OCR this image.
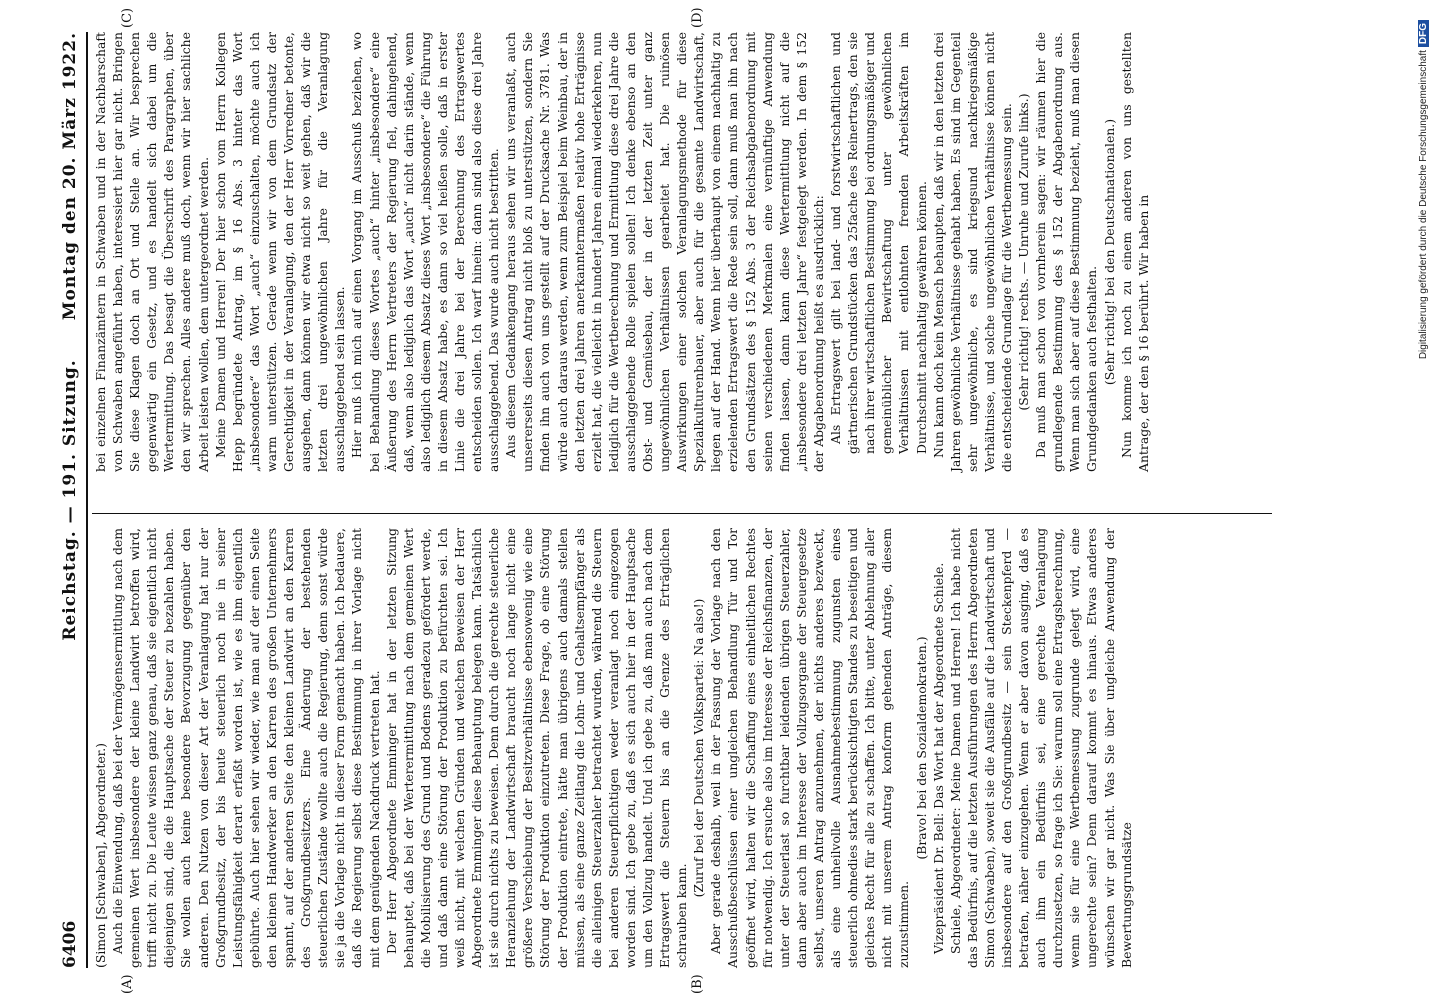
6406
Reichstag. — 191. Sitzung.
Montag den 20. März 1922.

(Simon [Schwaben], Abgeordneter.) Auch die Einwendung, daß bei der Vermögensermittlung nach dem gemeinen Wert insbesondere der kleine Landwirt betroffen wird, trifft nicht zu. Die Leute wissen ganz genau, daß sie eigentlich nicht diejenigen sind, die die Hauptsache der Steuer zu bezahlen haben. Sie wollen auch keine besondere Bevorzugung gegenüber den anderen. Den Nutzen von dieser Art der Veranlagung hat nur der Großgrundbesitz, der bis heute steuerlich noch nie in seiner Leistungsfähigkeit derart erfaßt worden ist, wie es ihm eigentlich gebührte. Auch hier sehen wir wieder, wie man auf der einen Seite den kleinen Handwerker an den Karren des großen Unternehmers spannt, auf der anderen Seite den kleinen Landwirt an den Karren des Großgrundbesitzers. Eine Änderung der bestehenden steuerlichen Zustände wollte auch die Regierung, denn sonst würde sie ja die Vorlage nicht in dieser Form gemacht haben. Ich bedauere, daß die Regierung selbst diese Bestimmung in ihrer Vorlage nicht mit dem genügenden Nachdruck vertreten hat. Der Herr Abgeordnete Emminger hat in der letzten Sitzung behauptet, daß bei der Werterermittlung nach dem gemeinen Wert die Mobilisierung des Grund und Bodens geradezu gefördert werde, und daß dann eine Störung der Produktion zu befürchten sei. Ich weiß nicht, mit welchen Gründen und welchen Beweisen der Herr Abgeordnete Emminger diese Behauptung belegen kann. Tatsächlich ist sie durch nichts zu beweisen. Denn durch die gerechte steuerliche Heranziehung der Landwirtschaft braucht noch lange nicht eine größere Verschiebung der Besitzverhältnisse ebensowenig wie eine Störung der Produktion einzutreten. Diese Frage, ob eine Störung der Produktion eintrete, hätte man übrigens auch damals stellen müssen, als eine ganze Zeitlang die Lohn- und Gehaltsempfänger als die alleinigen Steuerzahler betrachtet wurden, während die Steuern bei anderen Steuerpflichtigen weder veranlagt noch eingezogen worden sind. Ich gebe zu, daß es sich auch hier in der Hauptsache um den Vollzug handelt. Und ich gebe zu, daß man auch nach dem Ertragswert die Steuern bis an die Grenze des Erträglichen schrauben kann.

(Zuruf bei der Deutschen Volkspartei: Na also!) Aber gerade deshalb, weil in der Fassung der Vorlage nach den Ausschußbeschlüssen einer ungleichen Behandlung Tür und Tor geöffnet wird, halten wir die Schaffung eines einheitlichen Rechtes für notwendig. Ich ersuche also im Interesse der Reichsfinanzen, der unter der Steuerlast so furchtbar leidenden übrigen Steuerzahler, dann aber auch im Interesse der Vollzugsorgane der Steuergesetze selbst, unseren Antrag anzunehmen, der nichts anderes bezweckt, als eine unheilvolle Ausnahmebestimmung zugunsten eines steuerlich ohnedies stark berücksichtigten Standes zu beseitigen und gleiches Recht für alle zu schaffen. Ich bitte, unter Ablehnung aller nicht mit unserem Antrag konform gehenden Anträge, diesem zuzustimmen.

(Bravo! bei den Sozialdemokraten.) Vizepräsident Dr. Bell: Das Wort hat der Abgeordnete Schiele. Schiele, Abgeordneter: Meine Damen und Herren! Ich habe nicht das Bedürfnis, auf die letzten Ausführungen des Herrn Abgeordneten Simon (Schwaben), soweit sie die Ausfälle auf die Landwirtschaft und insbesondere auf den Großgrundbesitz — sein Steckenpferd — betrafen, näher einzugehen. Wenn er aber davon ausging, daß es auch ihm ein Bedürfnis sei, eine gerechte Veranlagung durchzusetzen, so frage ich Sie: warum soll eine Ertragsberechnung, wenn sie für eine Wertbemessung zugrunde gelegt wird, eine ungerechte sein? Denn darauf kommt es hinaus. Etwas anderes wünschen wir gar nicht. Was Sie über ungleiche Anwendung der Bewertungsgrundsätze

bei einzelnen Finanzämtern in Schwaben und in der Nachbarschaft von Schwaben angeführt haben, interessiert hier gar nicht. Bringen Sie diese Klagen doch an Ort und Stelle an. Wir besprechen gegenwärtig ein Gesetz, und es handelt sich dabei um die Wertermittlung. Das besagt die Überschrift des Paragraphen, über den wir sprechen. Alles andere muß doch, wenn wir hier sachliche Arbeit leisten wollen, dem untergeordnet werden. Meine Damen und Herren! Der hier schon vom Herrn Kollegen Hepp begründete Antrag, im § 16 Abs. 3 hinter das Wort „insbesondere“ das Wort „auch“ einzuschalten, möchte auch ich warm unterstützen. Gerade wenn wir von dem Grundsatz der Gerechtigkeit in der Veranlagung, den der Herr Vorredner betonte, ausgehen, dann können wir etwa nicht so weit gehen, daß wir die letzten drei ungewöhnlichen Jahre für die Veranlagung ausschlaggebend sein lassen. Hier muß ich mich auf einen Vorgang im Ausschuß beziehen, wo bei Behandlung dieses Wortes „auch“ hinter „insbesondere“ eine Äußerung des Herrn Vertreters der Regierung fiel, dahingehend, daß, wenn also lediglich das Wort „auch“ nicht darin stände, wenn also lediglich diesem Absatz dieses Wort „insbesondere“ die Führung in diesem Absatz habe, es dann so viel heißen solle, daß in erster Linie die drei Jahre bei der Berechnung des Ertragswertes entscheiden sollen. Ich warf hinein: dann sind also diese drei Jahre ausschlaggebend. Das wurde auch nicht bestritten. Aus diesem Gedankengang heraus sehen wir uns veranlaßt, auch unsererseits diesen Antrag nicht bloß zu unterstützen, sondern Sie finden ihn auch von uns gestellt auf der Drucksache Nr. 3781. Was würde auch daraus werden, wenn zum Beispiel beim Weinbau, der in den letzten drei Jahren anerkanntermaßen relativ hohe Erträgnisse erzielt hat, die vielleicht in hundert Jahren einmal wiederkehren, nun lediglich für die Wertberechnung und Ermittlung diese drei Jahre die ausschlaggebende Rolle spielen sollen! Ich denke ebenso an den Obst- und Gemüsebau, der in der letzten Zeit unter ganz ungewöhnlichen Verhältnissen gearbeitet hat. Die ruinösen Auswirkungen einer solchen Veranlagungsmethode für diese Spezialkulturenbauer, aber auch für die gesamte Landwirtschaft, liegen auf der Hand. Wenn hier überhaupt von einem nachhaltig zu erzielenden Ertragswert die Rede sein soll, dann muß man ihn nach den Grundsätzen des § 152 Abs. 3 der Reichsabgabenordnung mit seinen verschiedenen Merkmalen eine vernünftige Anwendung finden lassen, dann kann diese Wertermittlung nicht auf die „insbesondere drei letzten Jahre“ festgelegt werden. In dem § 152 der Abgabenordnung heißt es ausdrücklich: Als Ertragswert gilt bei land- und forstwirtschaftlichen und gärtnerischen Grundstücken das 25fache des Reinertrags, den sie nach ihrer wirtschaftlichen Bestimmung bei ordnungsmäßiger und gemeinüblicher Bewirtschaftung unter gewöhnlichen Verhältnissen mit entlohnten fremden Arbeitskräften im Durchschnitt nachhaltig gewähren können. Nun kann doch kein Mensch behaupten, daß wir in den letzten drei Jahren gewöhnliche Verhältnisse gehabt haben. Es sind im Gegenteil sehr ungewöhnliche, es sind kriegsund nachkriegsmäßige Verhältnisse, und solche ungewöhnlichen Verhältnisse können nicht die entscheidende Grundlage für die Wertbemessung sein. (Sehr richtig! rechts. — Unruhe und Zurufe links.) Da muß man schon von vornherein sagen: wir räumen hier die grundlegende Bestimmung des § 152 der Abgabenordnung aus. Wenn man sich aber auf diese Bestimmung bezieht, muß man diesen Grundgedanken auch festhalten. (Sehr richtig! bei den Deutschnationalen.) Nun komme ich noch zu einem anderen von uns gestellten Antrage, der den § 16 berührt. Wir haben in

(A)	(B)
(C)	(D)
Digitalisierung gefördert durch die Deutsche ForschungsgemeinschaftDFG
